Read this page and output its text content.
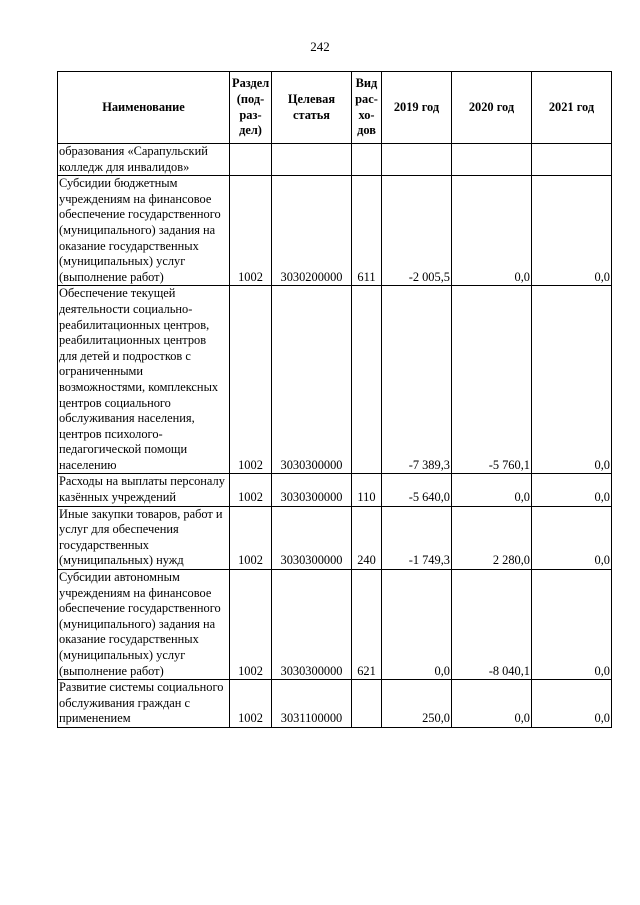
242
Наименование	Раздел (под-раз-дел)	Целевая статья	Вид рас-хо-дов	2019 год	2020 год	2021 год
образования «Сарапульский колледж для инвалидов»						
Субсидии бюджетным учреждениям на финансовое обеспечение государственного (муниципального) задания на оказание государственных (муниципальных) услуг (выполнение работ)	1002	3030200000	611	-2 005,5	0,0	0,0
Обеспечение текущей деятельности социально-реабилитационных центров, реабилитационных центров для детей и подростков с ограниченными возможностями, комплексных центров социального обслуживания населения, центров психолого-педагогической помощи населению	1002	3030300000		-7 389,3	-5 760,1	0,0
Расходы на выплаты персоналу казённых учреждений	1002	3030300000	110	-5 640,0	0,0	0,0
Иные закупки товаров, работ и услуг для обеспечения государственных (муниципальных) нужд	1002	3030300000	240	-1 749,3	2 280,0	0,0
Субсидии автономным учреждениям на финансовое обеспечение государственного (муниципального) задания на оказание государственных (муниципальных) услуг (выполнение работ)	1002	3030300000	621	0,0	-8 040,1	0,0
Развитие системы социального обслуживания граждан с применением	1002	3031100000		250,0	0,0	0,0
